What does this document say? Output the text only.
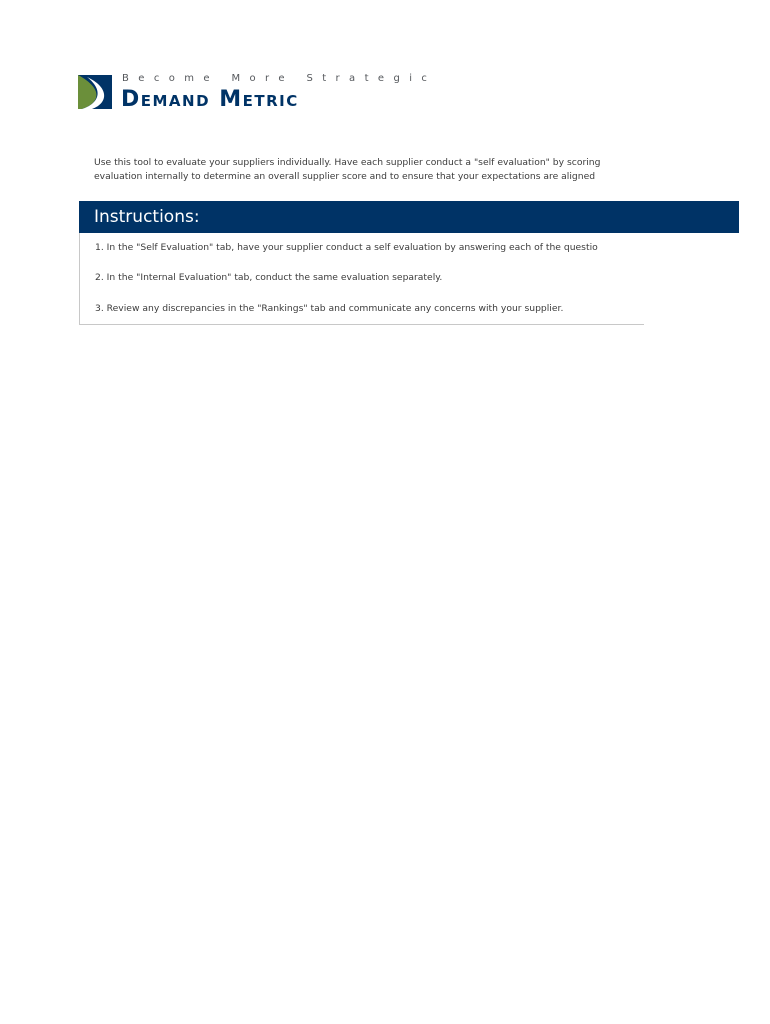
Become More Strategic
Demand Metric
Use this tool to evaluate your suppliers individually. Have each supplier conduct a "self evaluation" by scoring
evaluation internally to determine an overall supplier score and to ensure that your expectations are aligned
Instructions:
1. In the "Self Evaluation" tab, have your supplier conduct a self evaluation by answering each of the questio
2. In the "Internal Evaluation" tab, conduct the same evaluation separately.
3. Review any discrepancies in the "Rankings" tab and communicate any concerns with your supplier.
